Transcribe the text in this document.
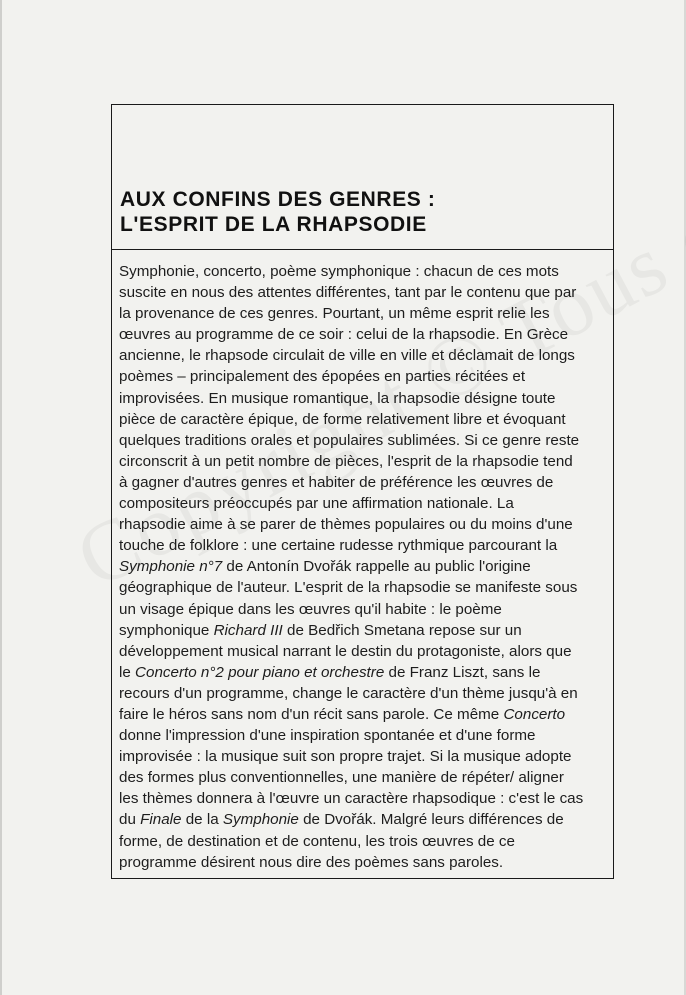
AUX CONFINS DES GENRES :
L'ESPRIT DE LA RHAPSODIE
Symphonie, concerto, poème symphonique : chacun de ces mots
suscite en nous des attentes différentes, tant par le contenu que par
la provenance de ces genres. Pourtant, un même esprit relie les
œuvres au programme de ce soir : celui de la rhapsodie. En Grèce
ancienne, le rhapsode circulait de ville en ville et déclamait de longs
poèmes – principalement des épopées en parties récitées et
improvisées. En musique romantique, la rhapsodie désigne toute
pièce de caractère épique, de forme relativement libre et évoquant
quelques traditions orales et populaires sublimées. Si ce genre reste
circonscrit à un petit nombre de pièces, l'esprit de la rhapsodie tend
à gagner d'autres genres et habiter de préférence les œuvres de
compositeurs préoccupés par une affirmation nationale. La
rhapsodie aime à se parer de thèmes populaires ou du moins d'une
touche de folklore : une certaine rudesse rythmique parcourant la
Symphonie n°7 de Antonín Dvořák rappelle au public l'origine
géographique de l'auteur. L'esprit de la rhapsodie se manifeste sous
un visage épique dans les œuvres qu'il habite : le poème
symphonique Richard III de Bedřich Smetana repose sur un
développement musical narrant le destin du protagoniste, alors que
le Concerto n°2 pour piano et orchestre de Franz Liszt, sans le
recours d'un programme, change le caractère d'un thème jusqu'à en
faire le héros sans nom d'un récit sans parole. Ce même Concerto
donne l'impression d'une inspiration spontanée et d'une forme
improvisée : la musique suit son propre trajet. Si la musique adopte
des formes plus conventionnelles, une manière de répéter/ aligner
les thèmes donnera à l'œuvre un caractère rhapsodique : c'est le cas
du Finale de la Symphonie de Dvořák. Malgré leurs différences de
forme, de destination et de contenu, les trois œuvres de ce
programme désirent nous dire des poèmes sans paroles.
